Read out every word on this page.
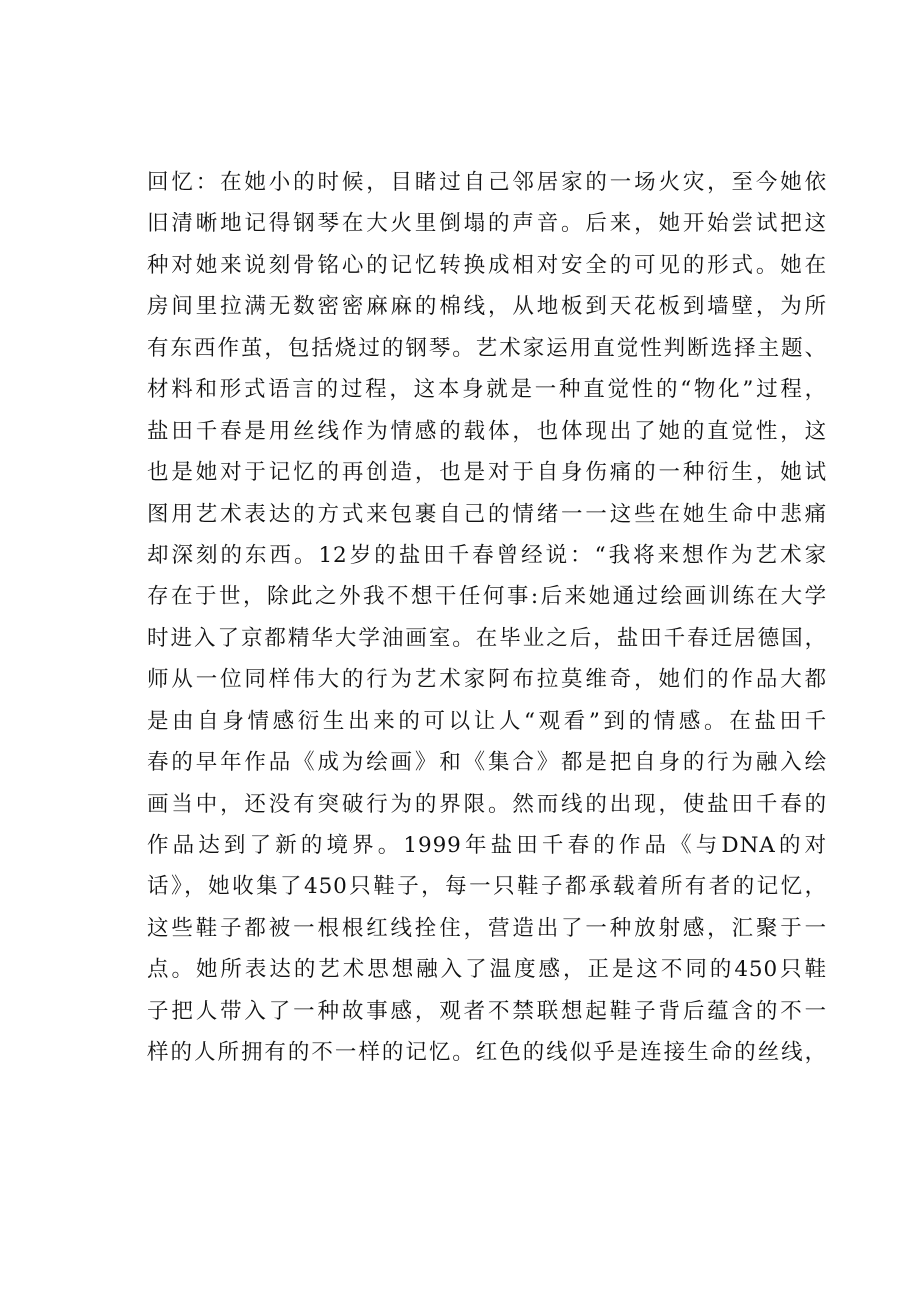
回忆：在她小的时候，目睹过自己邻居家的一场火灾，至今她依
旧清晰地记得钢琴在大火里倒塌的声音。后来，她开始尝试把这
种对她来说刻骨铭心的记忆转换成相对安全的可见的形式。她在
房间里拉满无数密密麻麻的棉线，从地板到天花板到墙壁，为所
有东西作茧，包括烧过的钢琴。艺术家运用直觉性判断选择主题、
材料和形式语言的过程，这本身就是一种直觉性的“物化”过程，
盐田千春是用丝线作为情感的载体，也体现出了她的直觉性，这
也是她对于记忆的再创造，也是对于自身伤痛的一种衍生，她试
图用艺术表达的方式来包裹自己的情绪一一这些在她生命中悲痛
却深刻的东西。12岁的盐田千春曾经说：“我将来想作为艺术家
存在于世，除此之外我不想干任何事:后来她通过绘画训练在大学
时进入了京都精华大学油画室。在毕业之后，盐田千春迁居德国，
师从一位同样伟大的行为艺术家阿布拉莫维奇，她们的作品大都
是由自身情感衍生出来的可以让人“观看”到的情感。在盐田千
春的早年作品《成为绘画》和《集合》都是把自身的行为融入绘
画当中，还没有突破行为的界限。然而线的出现，使盐田千春的
作品达到了新的境界。1999年盐田千春的作品《与DNA的对
话》，她收集了450只鞋子，每一只鞋子都承载着所有者的记忆，
这些鞋子都被一根根红线拴住，营造出了一种放射感，汇聚于一
点。她所表达的艺术思想融入了温度感，正是这不同的450只鞋
子把人带入了一种故事感，观者不禁联想起鞋子背后蕴含的不一
样的人所拥有的不一样的记忆。红色的线似乎是连接生命的丝线，
